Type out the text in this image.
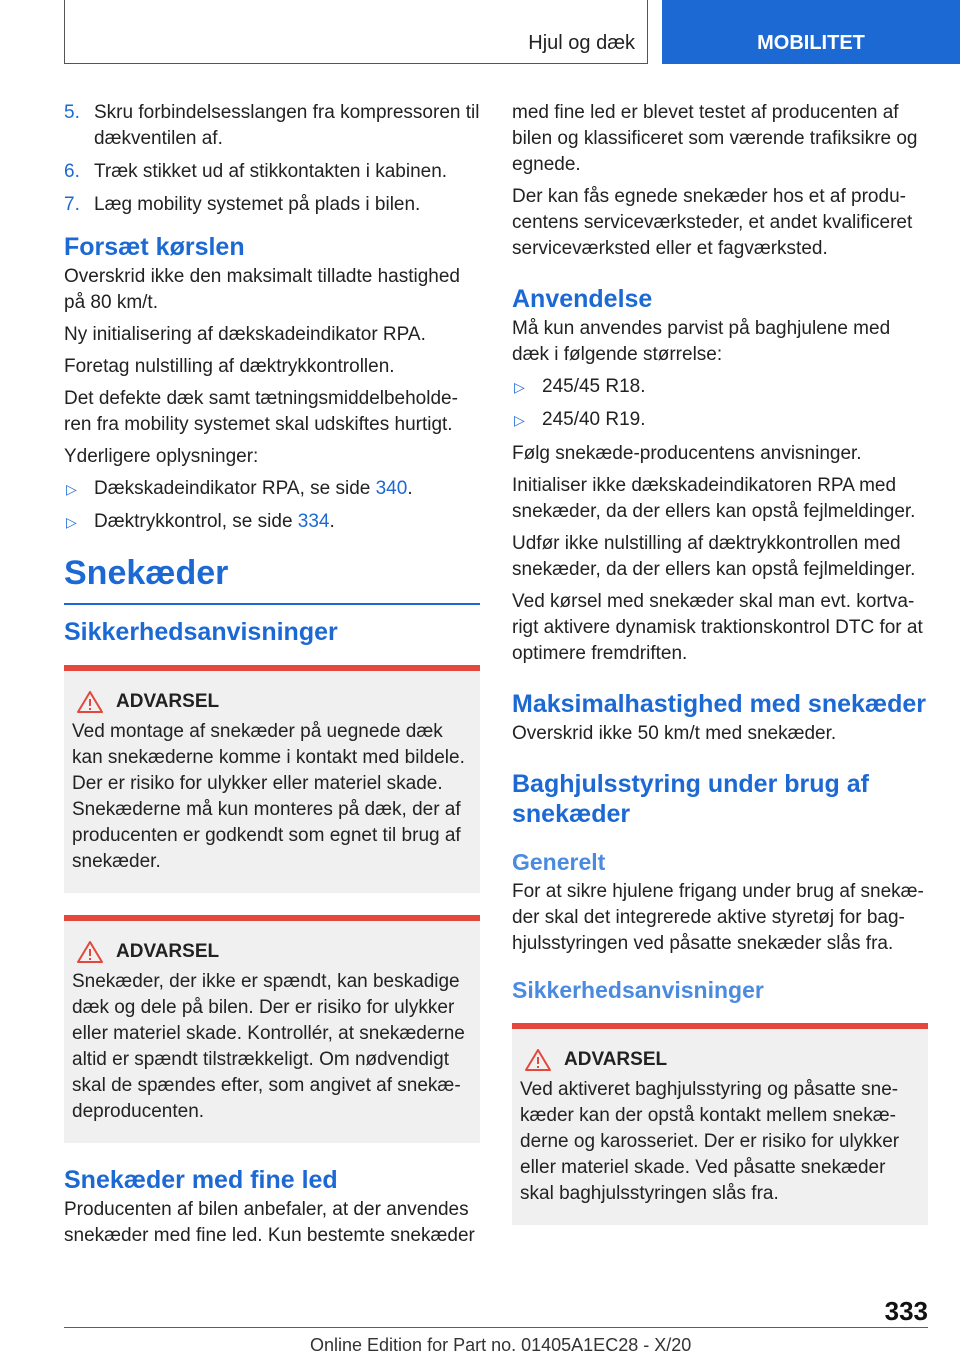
Hjul og dæk	MOBILITET
5. Skru forbindelsesslangen fra kompressoren til dækventilen af.
6. Træk stikket ud af stikkontakten i kabinen.
7. Læg mobility systemet på plads i bilen.
Forsæt kørslen

Overskrid ikke den maksimalt tilladte hastighed på 80 km/t.

Ny initialisering af dækskadeindikator RPA.

Foretag nulstilling af dæktrykkontrollen.

Det defekte dæk samt tætningsmiddelbeholde-ren fra mobility systemet skal udskiftes hurtigt.

Yderligere oplysninger:

▷ Dækskadeindikator RPA, se side 340.
▷ Dæktrykkontrol, se side 334.
Snekæder
Sikkerhedsanvisninger
ADVARSEL
Ved montage af snekæder på uegnede dæk kan snekæderne komme i kontakt med bildele. Der er risiko for ulykker eller materiel skade. Snekæderne må kun monteres på dæk, der af producenten er godkendt som egnet til brug af snekæder.
ADVARSEL
Snekæder, der ikke er spændt, kan beskadige dæk og dele på bilen. Der er risiko for ulykker eller materiel skade. Kontrollér, at snekæderne altid er spændt tilstrækkeligt. Om nødvendigt skal de spændes efter, som angivet af snekæ-deproducenten.
Snekæder med fine led

Producenten af bilen anbefaler, at der anvendes snekæder med fine led. Kun bestemte snekæder

med fine led er blevet testet af producenten af bilen og klassificeret som værende trafiksikre og egnede.

Der kan fås egnede snekæder hos et af produ-centens serviceværksteder, et andet kvalificeret serviceværksted eller et fagværksted.

Anvendelse

Må kun anvendes parvist på baghjulene med dæk i følgende størrelse:

▷ 245/45 R18.
▷ 245/40 R19.

Følg snekæde-producentens anvisninger.

Initialiser ikke dækskadeindikatoren RPA med snekæder, da der ellers kan opstå fejlmeldinger.

Udfør ikke nulstilling af dæktrykkontrollen med snekæder, da der ellers kan opstå fejlmeldinger.

Ved kørsel med snekæder skal man evt. kortva-rigt aktivere dynamisk traktionskontrol DTC for at optimere fremdriften.

Maksimalhastighed med snekæder

Overskrid ikke 50 km/t med snekæder.

Baghjulsstyring under brug af snekæder
Generelt

For at sikre hjulene frigang under brug af snekæ-der skal det integrerede aktive styretøj for bag-hjulsstyringen ved påsatte snekæder slås fra.

Sikkerhedsanvisninger
ADVARSEL
Ved aktiveret baghjulsstyring og påsatte sne-kæder kan der opstå kontakt mellem snekæ-derne og karosseriet. Der er risiko for ulykker eller materiel skade. Ved påsatte snekæder skal baghjulsstyringen slås fra.
333
Online Edition for Part no. 01405A1EC28 - X/20
